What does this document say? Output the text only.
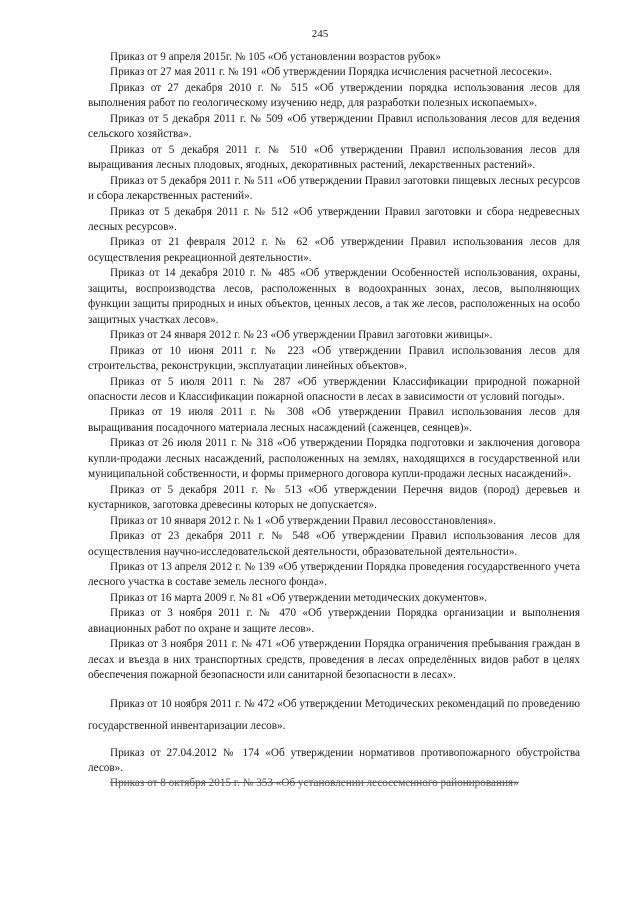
245

Приказ от 9 апреля 2015г. № 105 «Об установлении возрастов рубок»

Приказ от 27 мая 2011 г. № 191 «Об утверждении Порядка исчисления расчетной лесосеки».

Приказ от 27 декабря 2010 г. № 515 «Об утверждении порядка использования лесов для выполнения работ по геологическому изучению недр, для разработки полезных ископаемых».

Приказ от 5 декабря 2011 г. № 509 «Об утверждении Правил использования лесов для ведения сельского хозяйства».

Приказ от 5 декабря 2011 г. № 510 «Об утверждении Правил использования лесов для выращивания лесных плодовых, ягодных, декоративных растений, лекарственных растений».

Приказ от 5 декабря 2011 г. № 511 «Об утверждении Правил заготовки пищевых лесных ресурсов и сбора лекарственных растений».

Приказ от 5 декабря 2011 г. № 512 «Об утверждении Правил заготовки и сбора недревесных лесных ресурсов».

Приказ от 21 февраля 2012 г. № 62 «Об утверждении Правил использования лесов для осуществления рекреационной деятельности».

Приказ от 14 декабря 2010 г. № 485 «Об утверждении Особенностей использования, охраны, защиты, воспроизводства лесов, расположенных в водоохранных зонах, лесов, выполняющих функции защиты природных и иных объектов, ценных лесов, а так же лесов, расположенных на особо защитных участках лесов».

Приказ от 24 января 2012 г. № 23 «Об утверждении Правил заготовки живицы».

Приказ от 10 июня 2011 г. № 223 «Об утверждении Правил использования лесов для строительства, реконструкции, эксплуатации линейных объектов».

Приказ от 5 июля 2011 г. № 287 «Об утверждении Классификации природной пожарной опасности лесов и Классификации пожарной опасности в лесах в зависимости от условий погоды».

Приказ от 19 июля 2011 г. № 308 «Об утверждении Правил использования лесов для выращивания посадочного материала лесных насаждений (саженцев, сеянцев)».

Приказ от 26 июля 2011 г. № 318 «Об утверждении Порядка подготовки и заключения договора купли-продажи лесных насаждений, расположенных на землях, находящихся в государственной или муниципальной собственности, и формы примерного договора купли-продажи лесных насаждений».

Приказ от 5 декабря 2011 г. № 513 «Об утверждении Перечня видов (пород) деревьев и кустарников, заготовка древесины которых не допускается».

Приказ от 10 января 2012 г. № 1 «Об утверждении Правил лесовосстановления».

Приказ от 23 декабря 2011 г. № 548 «Об утверждении Правил использования лесов для осуществления научно-исследовательской деятельности, образовательной деятельности».

Приказ от 13 апреля 2012 г. № 139 «Об утверждении Порядка проведения государственного учета лесного участка в составе земель лесного фонда».

Приказ от 16 марта 2009 г. № 81 «Об утверждении методических документов».

Приказ от 3 ноября 2011 г. № 470 «Об утверждении Порядка организации и выполнения авиационных работ по охране и защите лесов».

Приказ от 3 ноября 2011 г. № 471 «Об утверждении Порядка ограничения пребывания граждан в лесах и въезда в них транспортных средств, проведения в лесах определённых видов работ в целях обеспечения пожарной безопасности или санитарной безопасности в лесах».

Приказ от 10 ноября 2011 г. № 472 «Об утверждении Методических рекомендаций по проведению государственной инвентаризации лесов».

Приказ от 27.04.2012 № 174 «Об утверждении нормативов противопожарного обустройства лесов».

Приказ от 8 октября 2015 г. № 353 «Об установлении лесосеменного районирования»
